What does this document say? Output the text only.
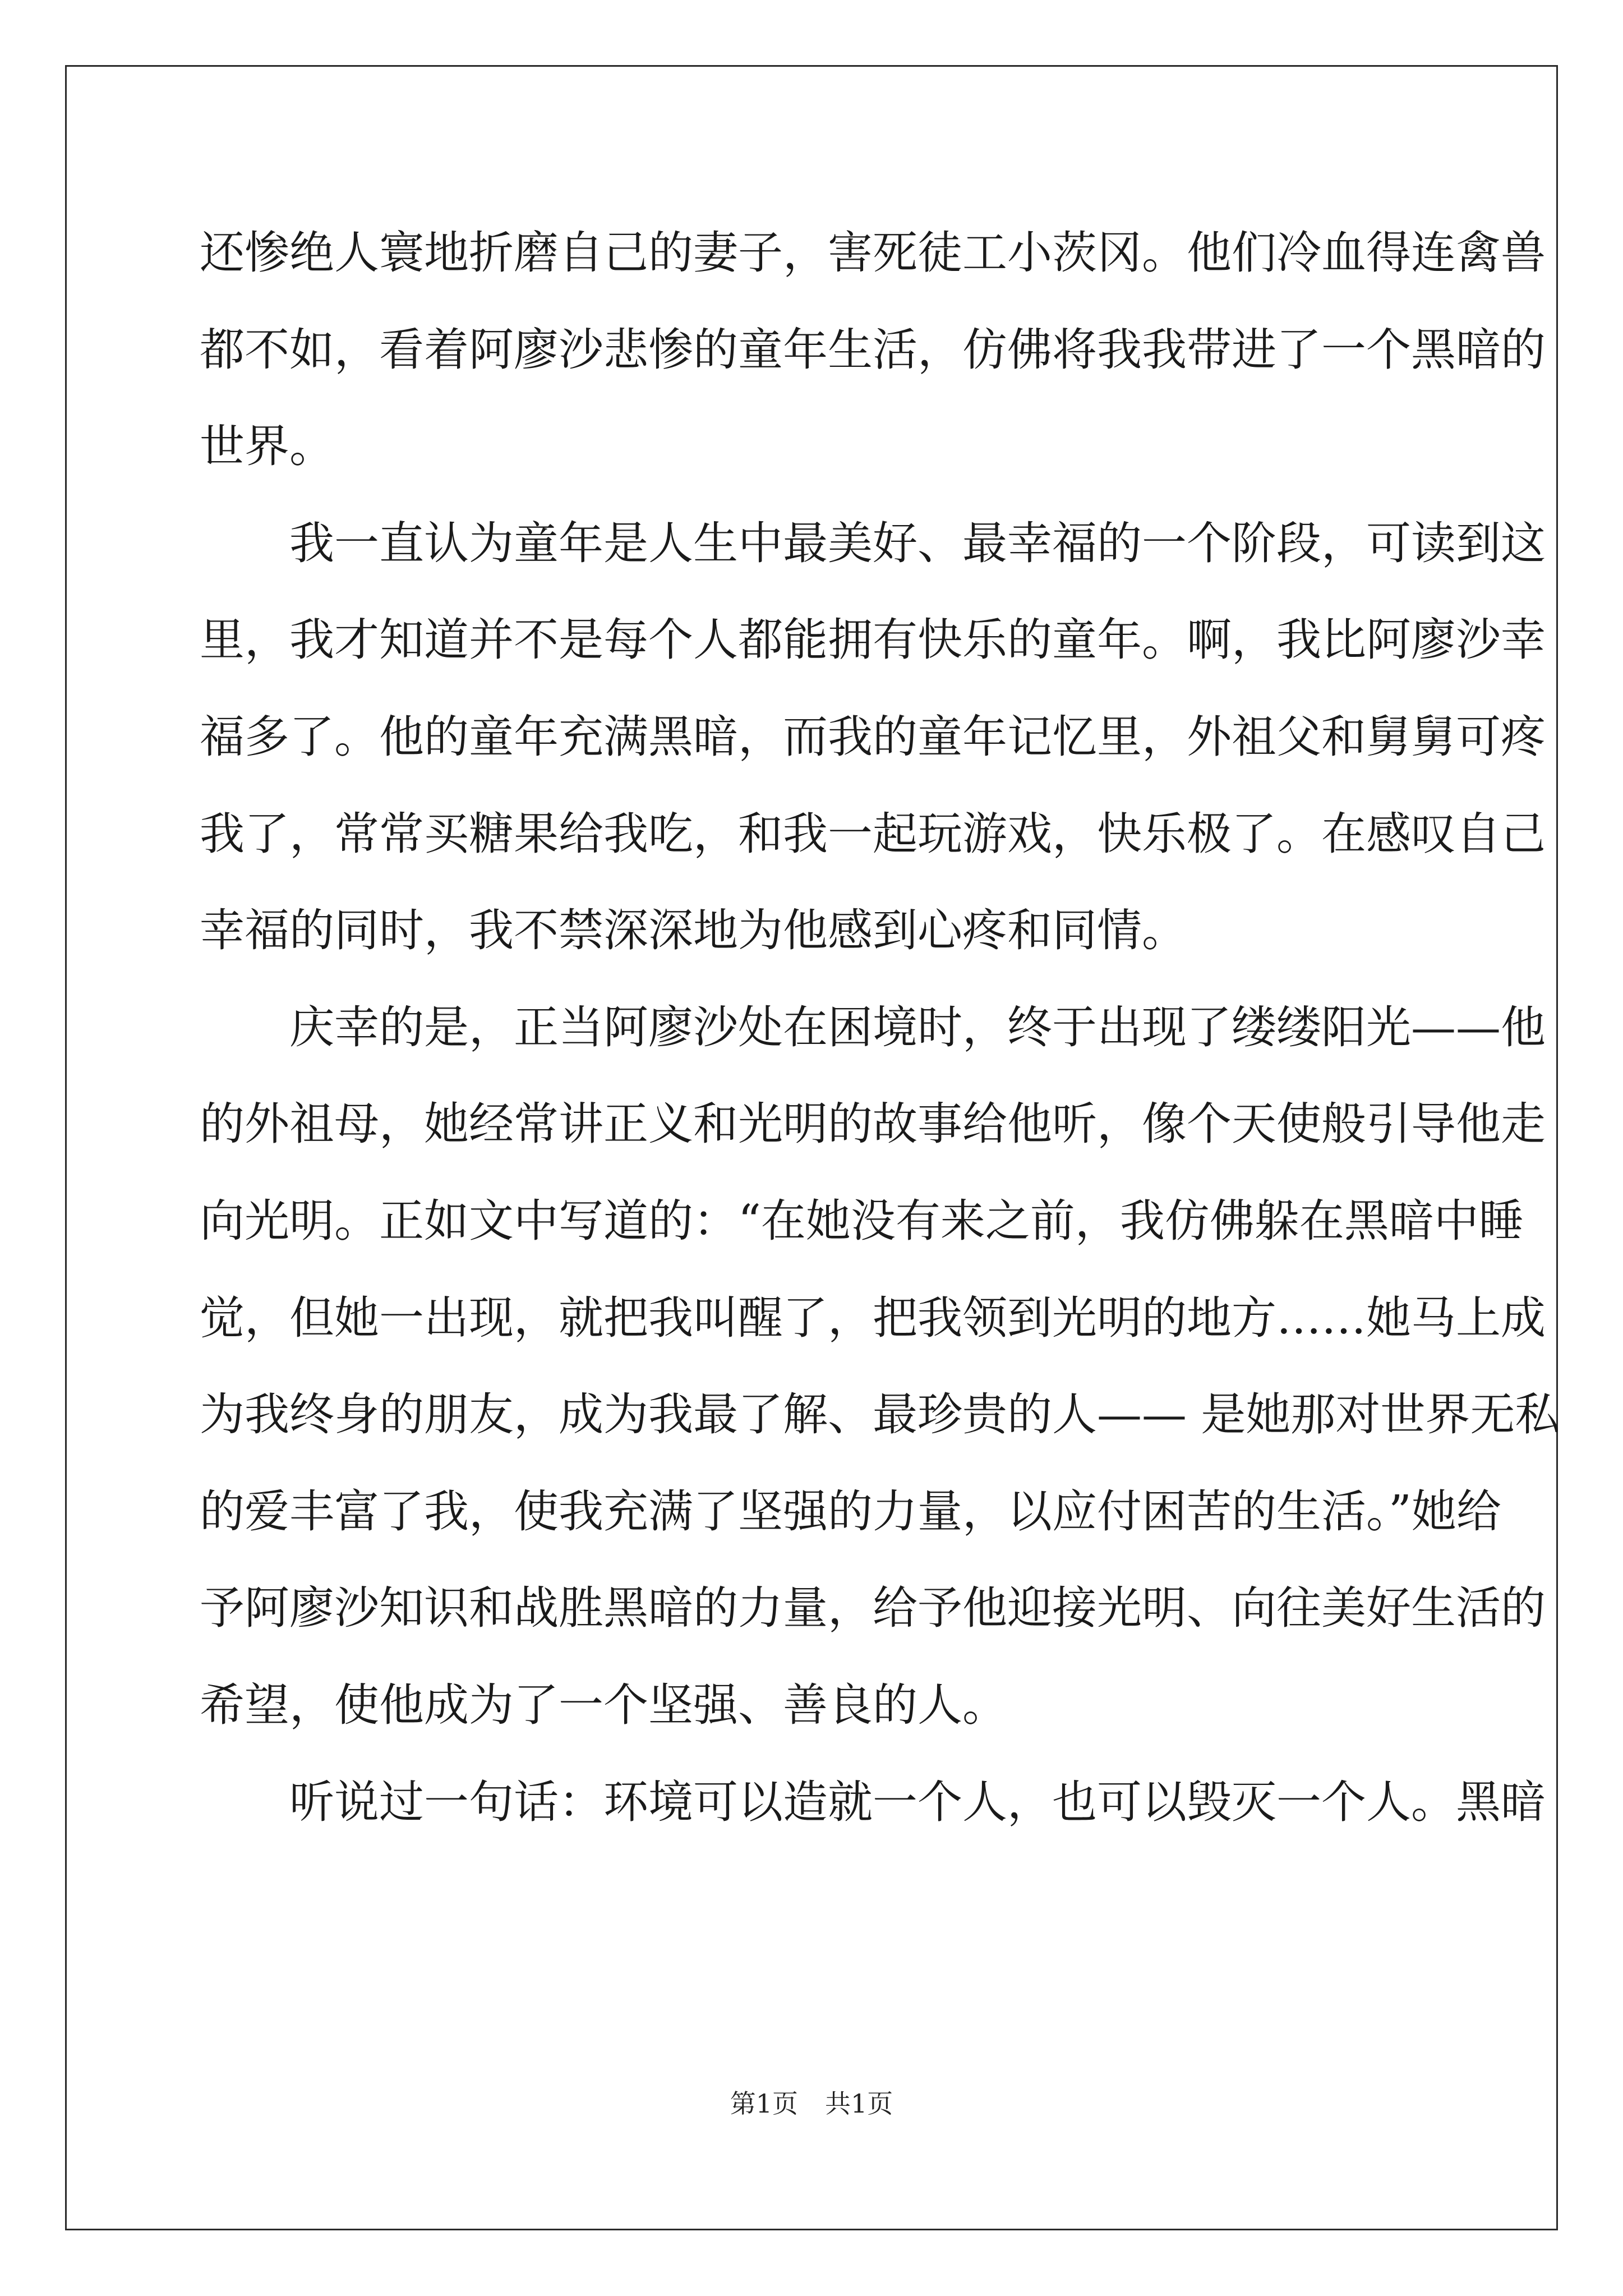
还惨绝人寰地折磨自己的妻子，害死徒工小茨冈。他们冷血得连禽兽
都不如，看着阿廖沙悲惨的童年生活，仿佛将我我带进了一个黑暗的
世界。
我一直认为童年是人生中最美好、最幸福的一个阶段，可读到这
里，我才知道并不是每个人都能拥有快乐的童年。啊，我比阿廖沙幸
福多了。他的童年充满黑暗，而我的童年记忆里，外祖父和舅舅可疼
我了，常常买糖果给我吃，和我一起玩游戏，快乐极了。在感叹自己
幸福的同时，我不禁深深地为他感到心疼和同情。
庆幸的是，正当阿廖沙处在困境时，终于出现了缕缕阳光——他
的外祖母，她经常讲正义和光明的故事给他听，像个天使般引导他走
向光明。正如文中写道的：“在她没有来之前，我仿佛躲在黑暗中睡
觉，但她一出现，就把我叫醒了，把我领到光明的地方……她马上成
为我终身的朋友，成为我最了解、最珍贵的人—— 是她那对世界无私
的爱丰富了我，使我充满了坚强的力量，以应付困苦的生活。”她给
予阿廖沙知识和战胜黑暗的力量，给予他迎接光明、向往美好生活的
希望，使他成为了一个坚强、善良的人。
听说过一句话：环境可以造就一个人，也可以毁灭一个人。黑暗
第1页 共1页
